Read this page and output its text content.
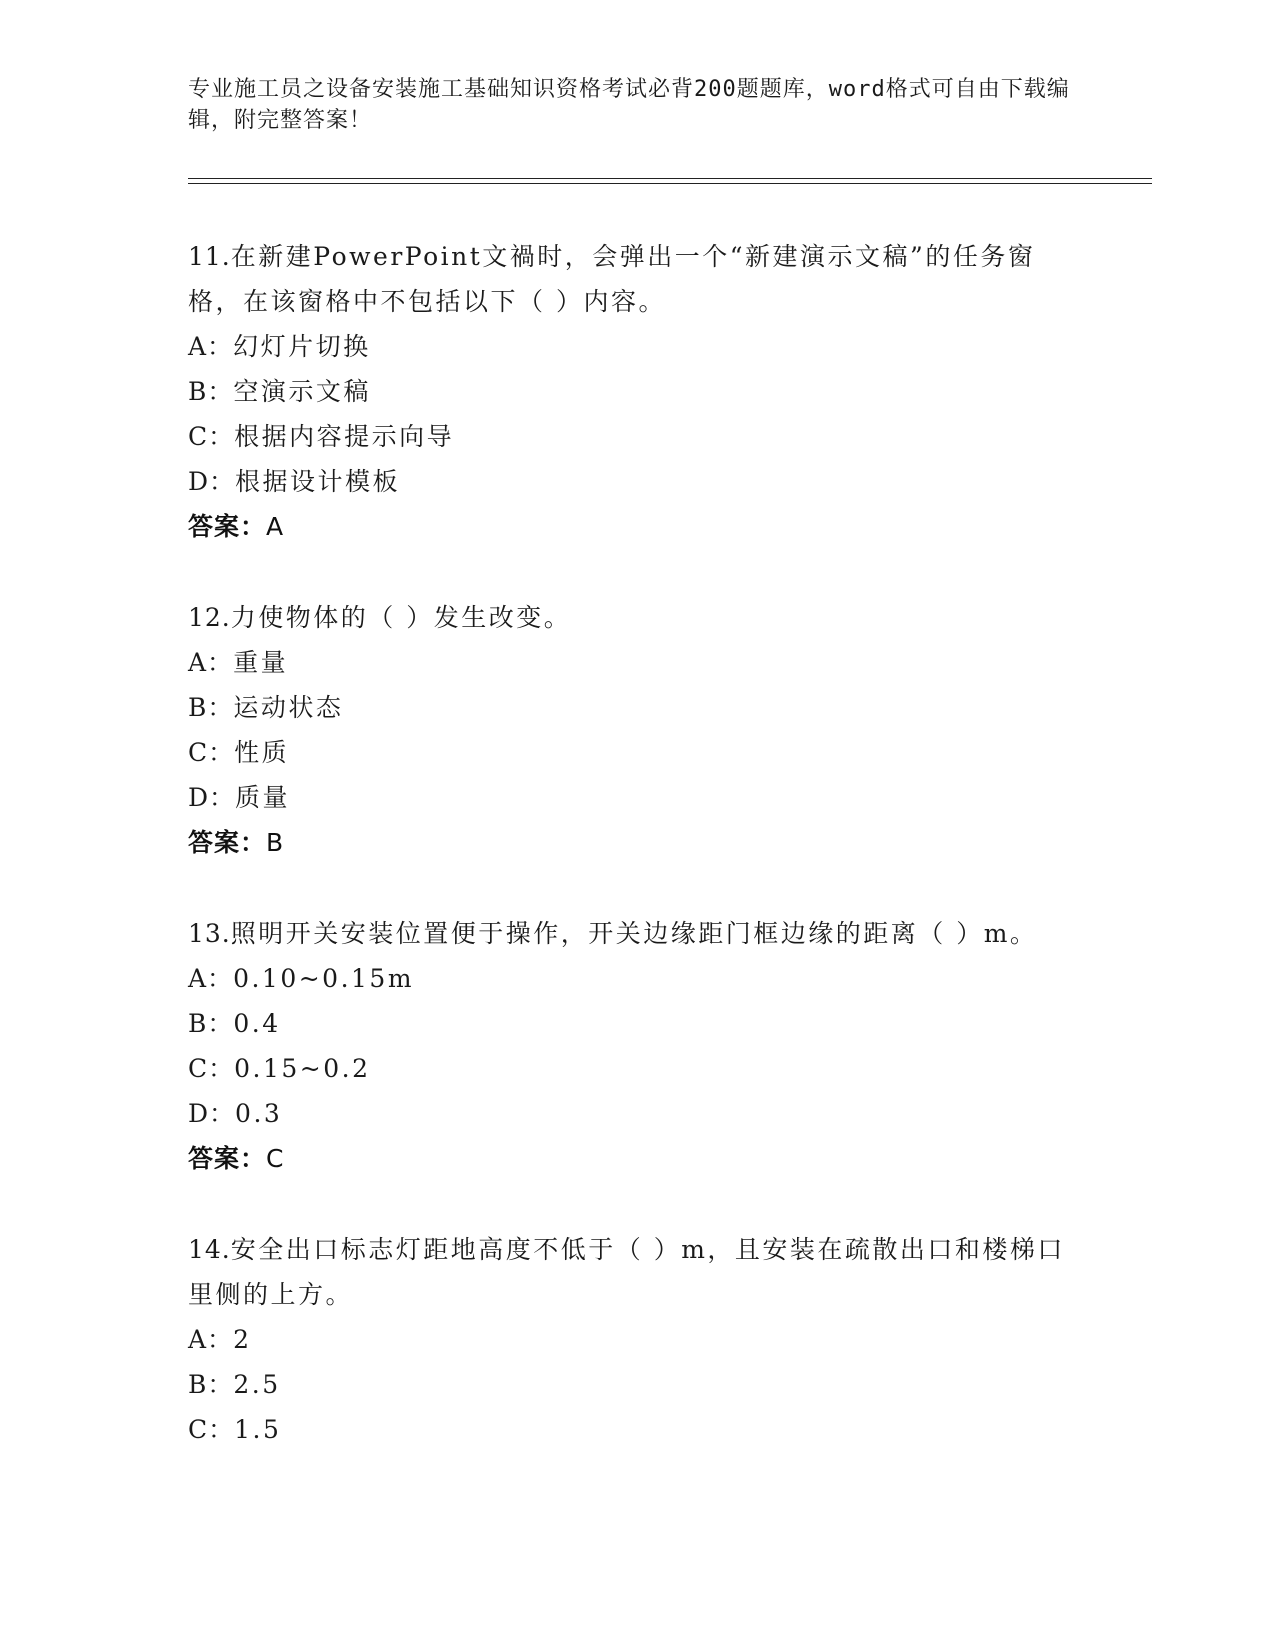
专业施工员之设备安装施工基础知识资格考试必背200题题库，word格式可自由下载编辑，附完整答案！
11.在新建PowerPoint文禍时，会弹出一个“新建演示文稿”的任务窗格，在该窗格中不包括以下（ ）内容。
A：幻灯片切换
B：空演示文稿
C：根据内容提示向导
D：根据设计模板
答案：A
12.力使物体的（ ）发生改变。
A：重量
B：运动状态
C：性质
D：质量
答案：B
13.照明开关安装位置便于操作，开关边缘距门框边缘的距离（ ）m。
A：0.10~0.15m
B：0.4
C：0.15~0.2
D：0.3
答案：C
14.安全出口标志灯距地高度不低于（ ）m，且安装在疏散出口和楼梯口里侧的上方。
A：2
B：2.5
C：1.5
